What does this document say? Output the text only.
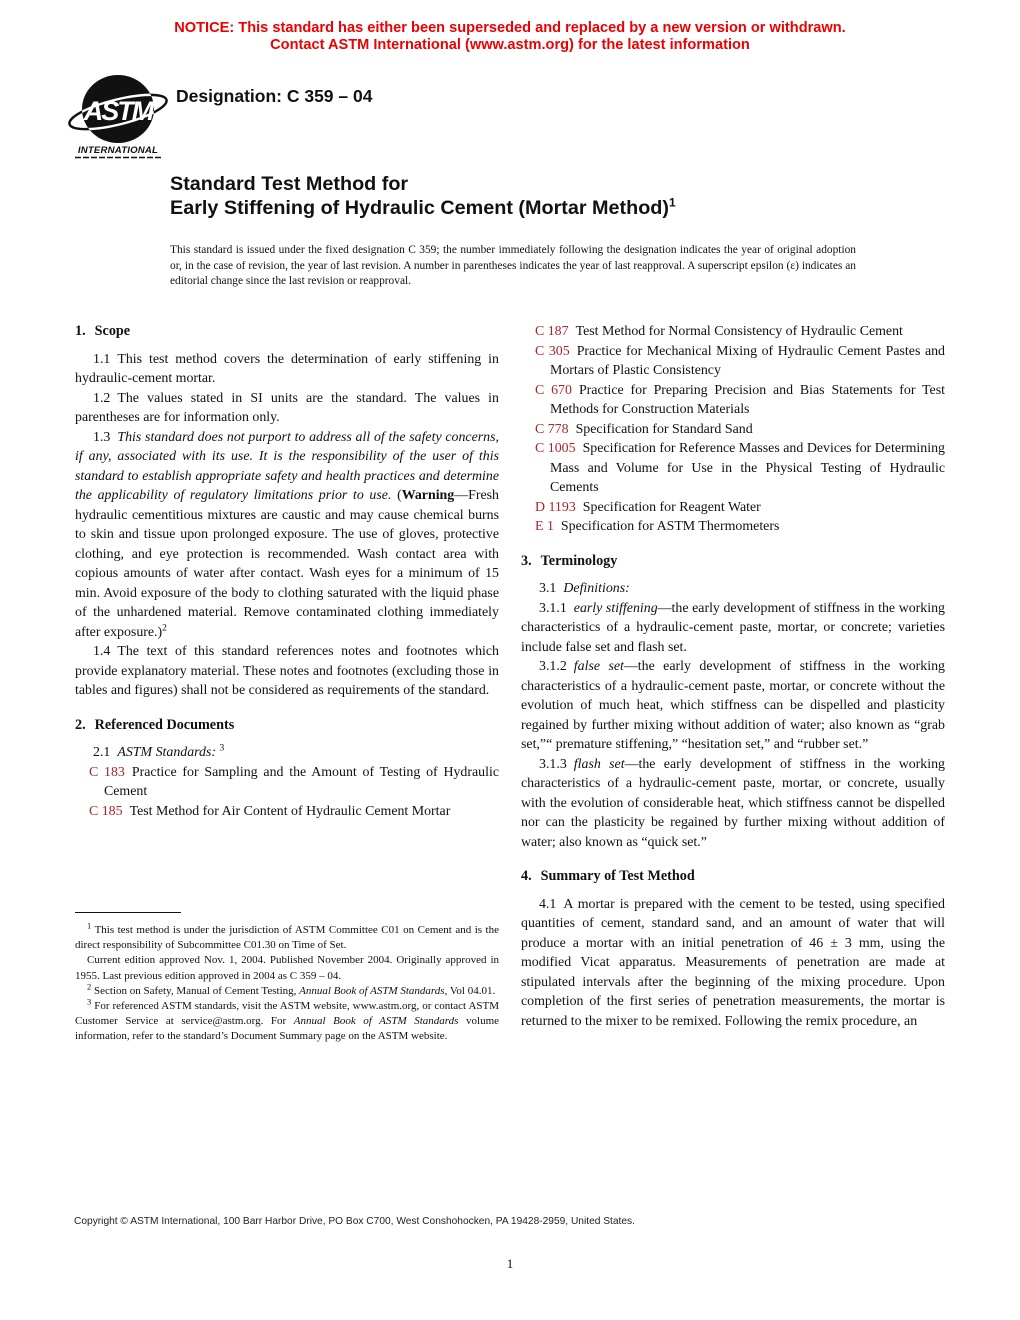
NOTICE: This standard has either been superseded and replaced by a new version or withdrawn.
Contact ASTM International (www.astm.org) for the latest information
ASTM
INTERNATIONAL
Designation: C 359 – 04
Standard Test Method for
Early Stiffening of Hydraulic Cement (Mortar Method)$^1$
This standard is issued under the fixed designation C 359; the number immediately following the designation indicates the year of original adoption or, in the case of revision, the year of last revision. A number in parentheses indicates the year of last reapproval. A superscript epsilon (ε) indicates an editorial change since the last revision or reapproval.

1. Scope

1.1 This test method covers the determination of early stiffening in hydraulic-cement mortar.

1.2 The values stated in SI units are the standard. The values in parentheses are for information only.

1.3 This standard does not purport to address all of the safety concerns, if any, associated with its use. It is the responsibility of the user of this standard to establish appropriate safety and health practices and determine the applicability of regulatory limitations prior to use. (Warning—Fresh hydraulic cementitious mixtures are caustic and may cause chemical burns to skin and tissue upon prolonged exposure. The use of gloves, protective clothing, and eye protection is recommended. Wash contact area with copious amounts of water after contact. Wash eyes for a minimum of 15 min. Avoid exposure of the body to clothing saturated with the liquid phase of the unhardened material. Remove contaminated clothing immediately after exposure.)$^2$

1.4 The text of this standard references notes and footnotes which provide explanatory material. These notes and footnotes (excluding those in tables and figures) shall not be considered as requirements of the standard.

2. Referenced Documents

2.1 ASTM Standards: $^3$

C 183 Practice for Sampling and the Amount of Testing of Hydraulic Cement

C 185 Test Method for Air Content of Hydraulic Cement Mortar

$^1$ This test method is under the jurisdiction of ASTM Committee C01 on Cement and is the direct responsibility of Subcommittee C01.30 on Time of Set.

Current edition approved Nov. 1, 2004. Published November 2004. Originally approved in 1955. Last previous edition approved in 2004 as C 359 – 04.

$^2$ Section on Safety, Manual of Cement Testing, Annual Book of ASTM Standards, Vol 04.01.

$^3$ For referenced ASTM standards, visit the ASTM website, www.astm.org, or contact ASTM Customer Service at service@astm.org. For Annual Book of ASTM Standards volume information, refer to the standard’s Document Summary page on the ASTM website.

C 187 Test Method for Normal Consistency of Hydraulic Cement

C 305 Practice for Mechanical Mixing of Hydraulic Cement Pastes and Mortars of Plastic Consistency

C 670 Practice for Preparing Precision and Bias Statements for Test Methods for Construction Materials

C 778 Specification for Standard Sand

C 1005 Specification for Reference Masses and Devices for Determining Mass and Volume for Use in the Physical Testing of Hydraulic Cements

D 1193 Specification for Reagent Water

E 1 Specification for ASTM Thermometers

3. Terminology

3.1 Definitions:

3.1.1 early stiffening—the early development of stiffness in the working characteristics of a hydraulic-cement paste, mortar, or concrete; varieties include false set and flash set.

3.1.2 false set—the early development of stiffness in the working characteristics of a hydraulic-cement paste, mortar, or concrete without the evolution of much heat, which stiffness can be dispelled and plasticity regained by further mixing without addition of water; also known as “grab set,”“ premature stiffening,” “hesitation set,” and “rubber set.”

3.1.3 flash set—the early development of stiffness in the working characteristics of a hydraulic-cement paste, mortar, or concrete, usually with the evolution of considerable heat, which stiffness cannot be dispelled nor can the plasticity be regained by further mixing without addition of water; also known as “quick set.”

4. Summary of Test Method

4.1 A mortar is prepared with the cement to be tested, using specified quantities of cement, standard sand, and an amount of water that will produce a mortar with an initial penetration of 46 ± 3 mm, using the modified Vicat apparatus. Measurements of penetration are made at stipulated intervals after the beginning of the mixing procedure. Upon completion of the first series of penetration measurements, the mortar is returned to the mixer to be remixed. Following the remix procedure, an

Copyright © ASTM International, 100 Barr Harbor Drive, PO Box C700, West Conshohocken, PA 19428-2959, United States.
1
